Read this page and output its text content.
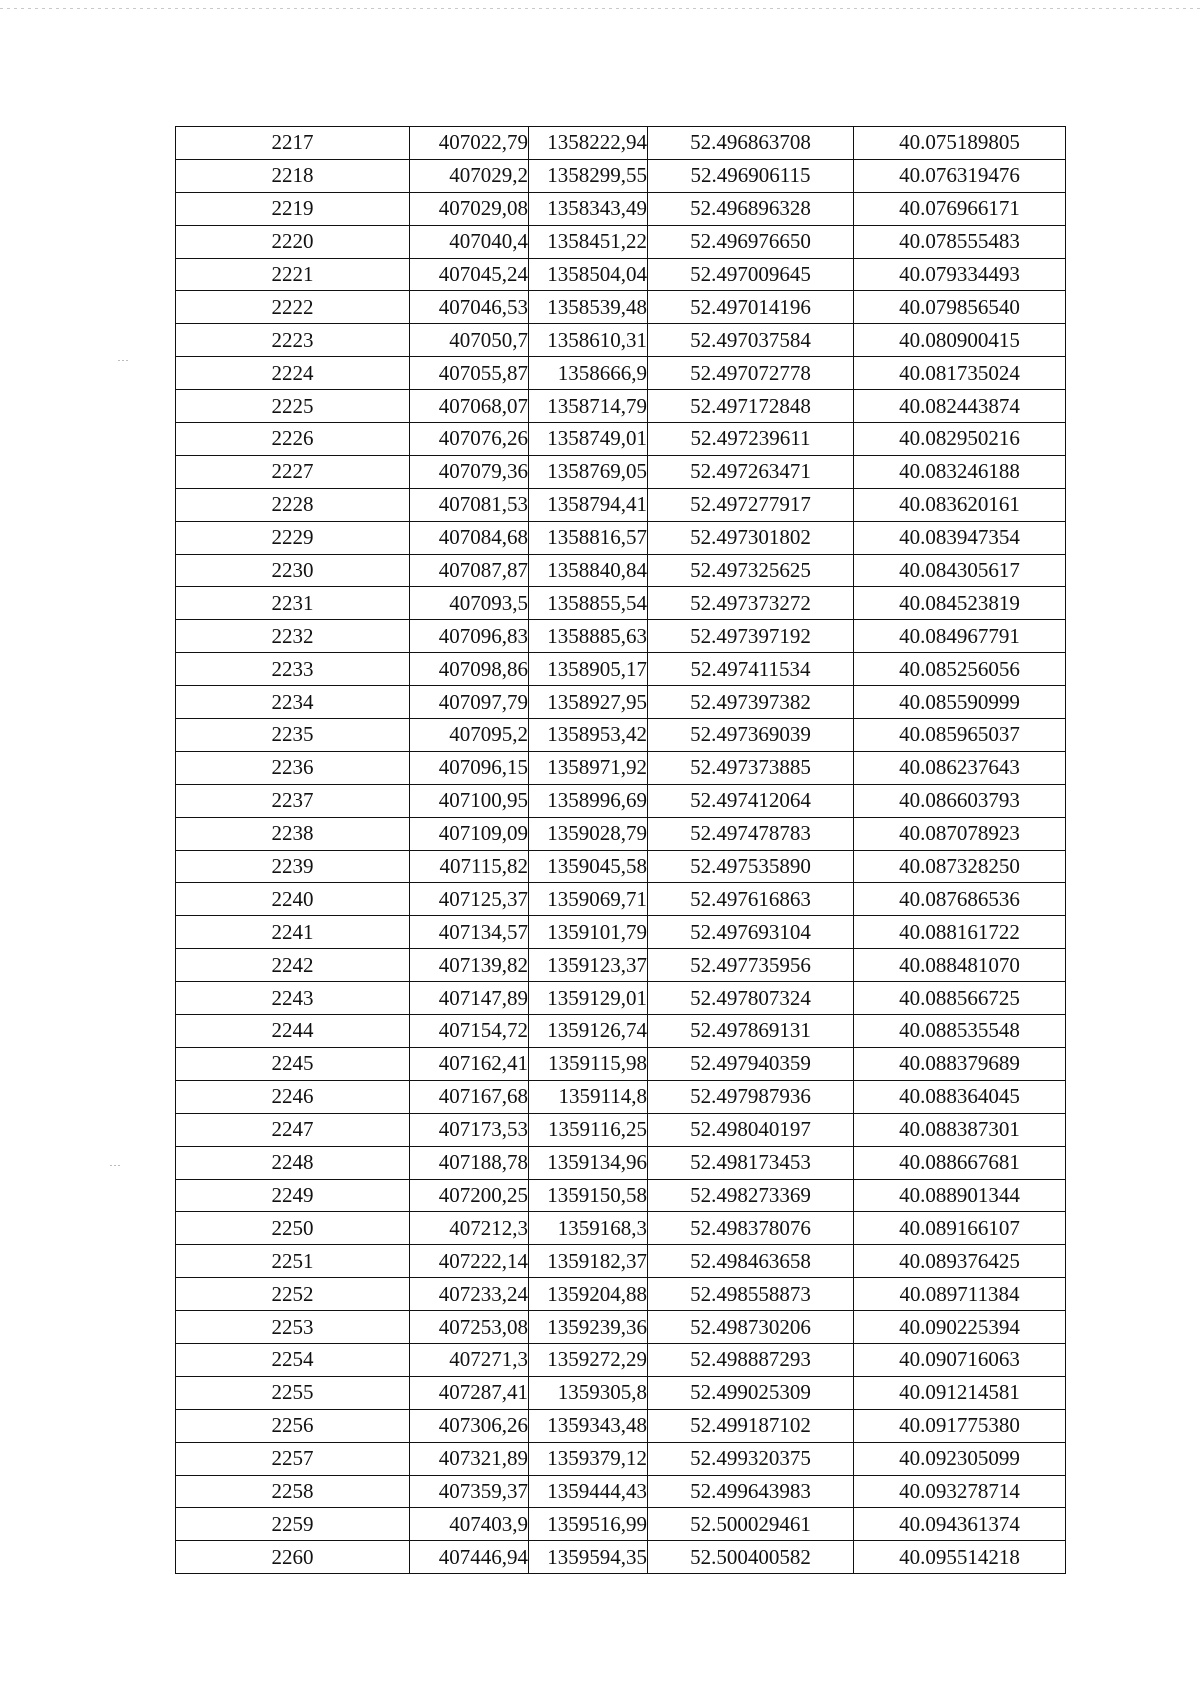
2217	407022,79	1358222,94	52.496863708	40.075189805
2218	407029,2	1358299,55	52.496906115	40.076319476
2219	407029,08	1358343,49	52.496896328	40.076966171
2220	407040,4	1358451,22	52.496976650	40.078555483
2221	407045,24	1358504,04	52.497009645	40.079334493
2222	407046,53	1358539,48	52.497014196	40.079856540
2223	407050,7	1358610,31	52.497037584	40.080900415
2224	407055,87	1358666,9	52.497072778	40.081735024
2225	407068,07	1358714,79	52.497172848	40.082443874
2226	407076,26	1358749,01	52.497239611	40.082950216
2227	407079,36	1358769,05	52.497263471	40.083246188
2228	407081,53	1358794,41	52.497277917	40.083620161
2229	407084,68	1358816,57	52.497301802	40.083947354
2230	407087,87	1358840,84	52.497325625	40.084305617
2231	407093,5	1358855,54	52.497373272	40.084523819
2232	407096,83	1358885,63	52.497397192	40.084967791
2233	407098,86	1358905,17	52.497411534	40.085256056
2234	407097,79	1358927,95	52.497397382	40.085590999
2235	407095,2	1358953,42	52.497369039	40.085965037
2236	407096,15	1358971,92	52.497373885	40.086237643
2237	407100,95	1358996,69	52.497412064	40.086603793
2238	407109,09	1359028,79	52.497478783	40.087078923
2239	407115,82	1359045,58	52.497535890	40.087328250
2240	407125,37	1359069,71	52.497616863	40.087686536
2241	407134,57	1359101,79	52.497693104	40.088161722
2242	407139,82	1359123,37	52.497735956	40.088481070
2243	407147,89	1359129,01	52.497807324	40.088566725
2244	407154,72	1359126,74	52.497869131	40.088535548
2245	407162,41	1359115,98	52.497940359	40.088379689
2246	407167,68	1359114,8	52.497987936	40.088364045
2247	407173,53	1359116,25	52.498040197	40.088387301
2248	407188,78	1359134,96	52.498173453	40.088667681
2249	407200,25	1359150,58	52.498273369	40.088901344
2250	407212,3	1359168,3	52.498378076	40.089166107
2251	407222,14	1359182,37	52.498463658	40.089376425
2252	407233,24	1359204,88	52.498558873	40.089711384
2253	407253,08	1359239,36	52.498730206	40.090225394
2254	407271,3	1359272,29	52.498887293	40.090716063
2255	407287,41	1359305,8	52.499025309	40.091214581
2256	407306,26	1359343,48	52.499187102	40.091775380
2257	407321,89	1359379,12	52.499320375	40.092305099
2258	407359,37	1359444,43	52.499643983	40.093278714
2259	407403,9	1359516,99	52.500029461	40.094361374
2260	407446,94	1359594,35	52.500400582	40.095514218
